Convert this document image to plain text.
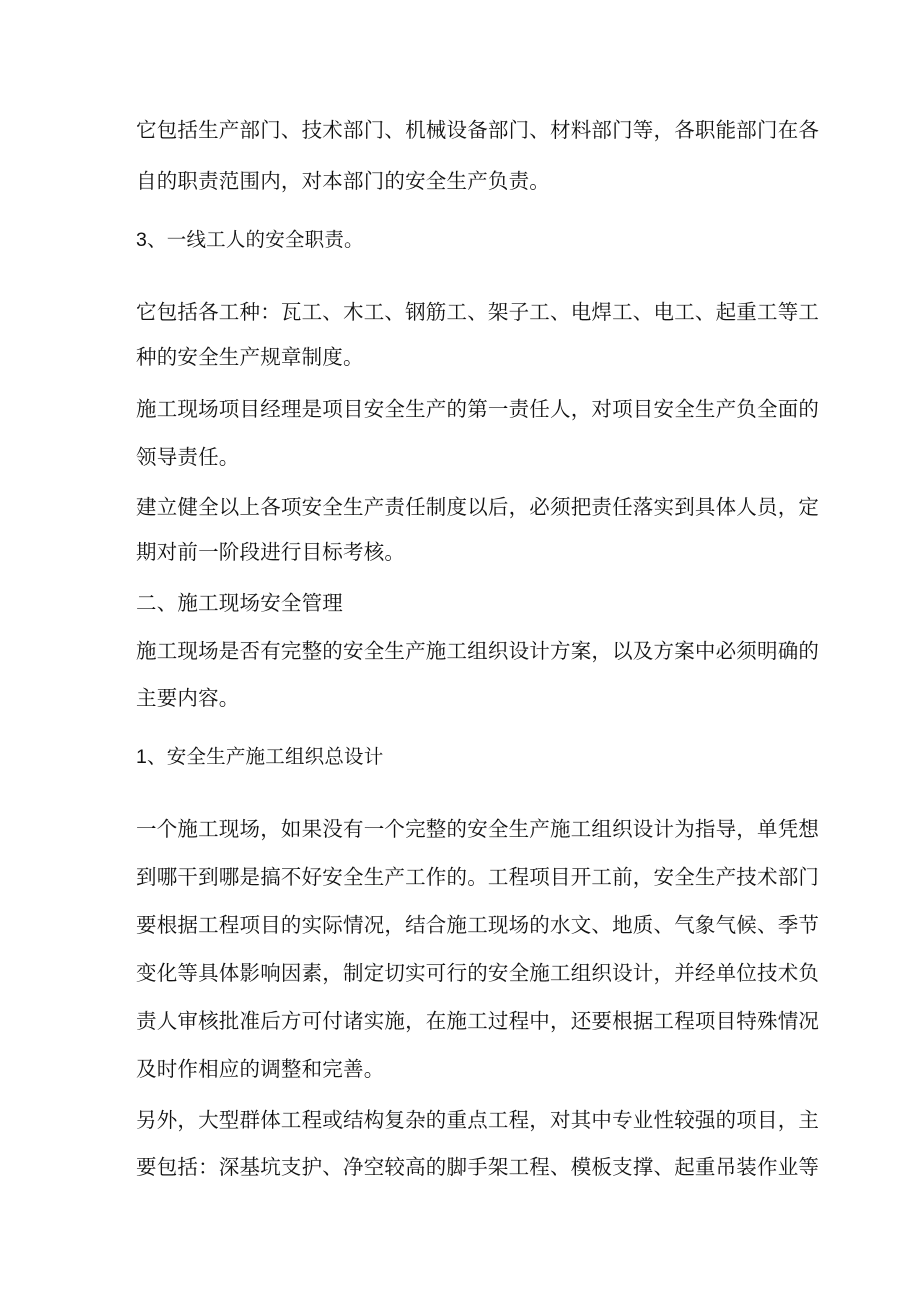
它包括生产部门、技术部门、机械设备部门、材料部门等，各职能部门在各

自的职责范围内，对本部门的安全生产负责。

3、一线工人的安全职责。

它包括各工种：瓦工、木工、钢筋工、架子工、电焊工、电工、起重工等工

种的安全生产规章制度。

施工现场项目经理是项目安全生产的第一责任人，对项目安全生产负全面的

领导责任。

建立健全以上各项安全生产责任制度以后，必须把责任落实到具体人员，定

期对前一阶段进行目标考核。

二、施工现场安全管理

施工现场是否有完整的安全生产施工组织设计方案，以及方案中必须明确的

主要内容。

1、安全生产施工组织总设计

一个施工现场，如果没有一个完整的安全生产施工组织设计为指导，单凭想

到哪干到哪是搞不好安全生产工作的。工程项目开工前，安全生产技术部门

要根据工程项目的实际情况，结合施工现场的水文、地质、气象气候、季节

变化等具体影响因素，制定切实可行的安全施工组织设计，并经单位技术负

责人审核批准后方可付诸实施，在施工过程中，还要根据工程项目特殊情况

及时作相应的调整和完善。

另外，大型群体工程或结构复杂的重点工程，对其中专业性较强的项目，主

要包括：深基坑支护、净空较高的脚手架工程、模板支撑、起重吊装作业等
